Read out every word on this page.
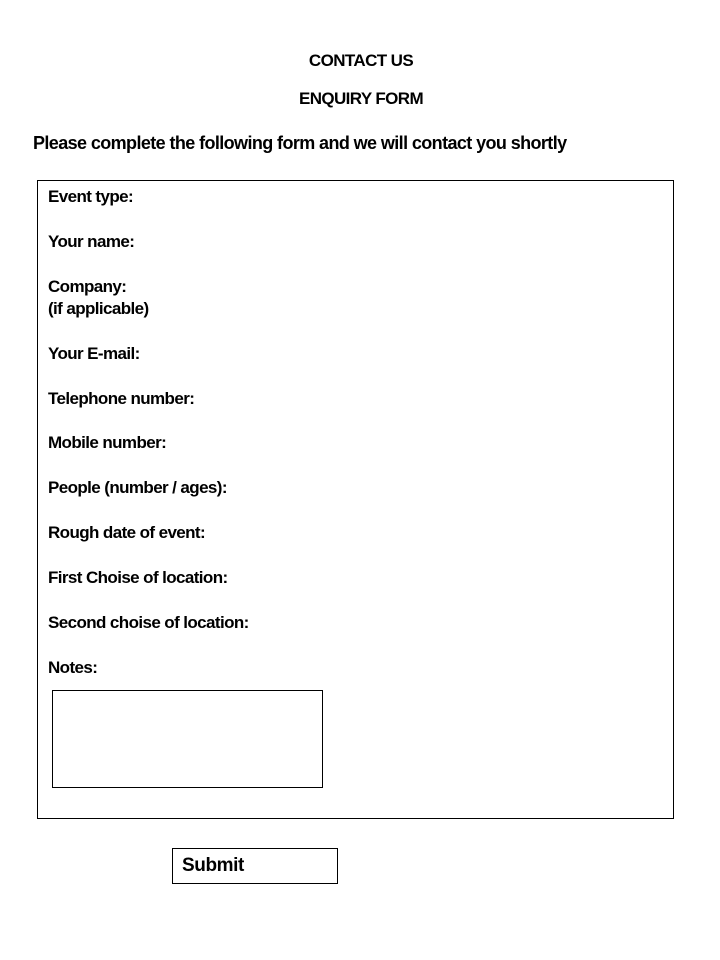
CONTACT US
ENQUIRY FORM
Please complete the following form and we will contact you shortly
Event type:
Your name:
Company:
(if applicable)
Your E-mail:
Telephone number:
Mobile number:
People (number / ages):
Rough date of event:
First Choise of location:
Second choise of location:
Notes:
Submit
